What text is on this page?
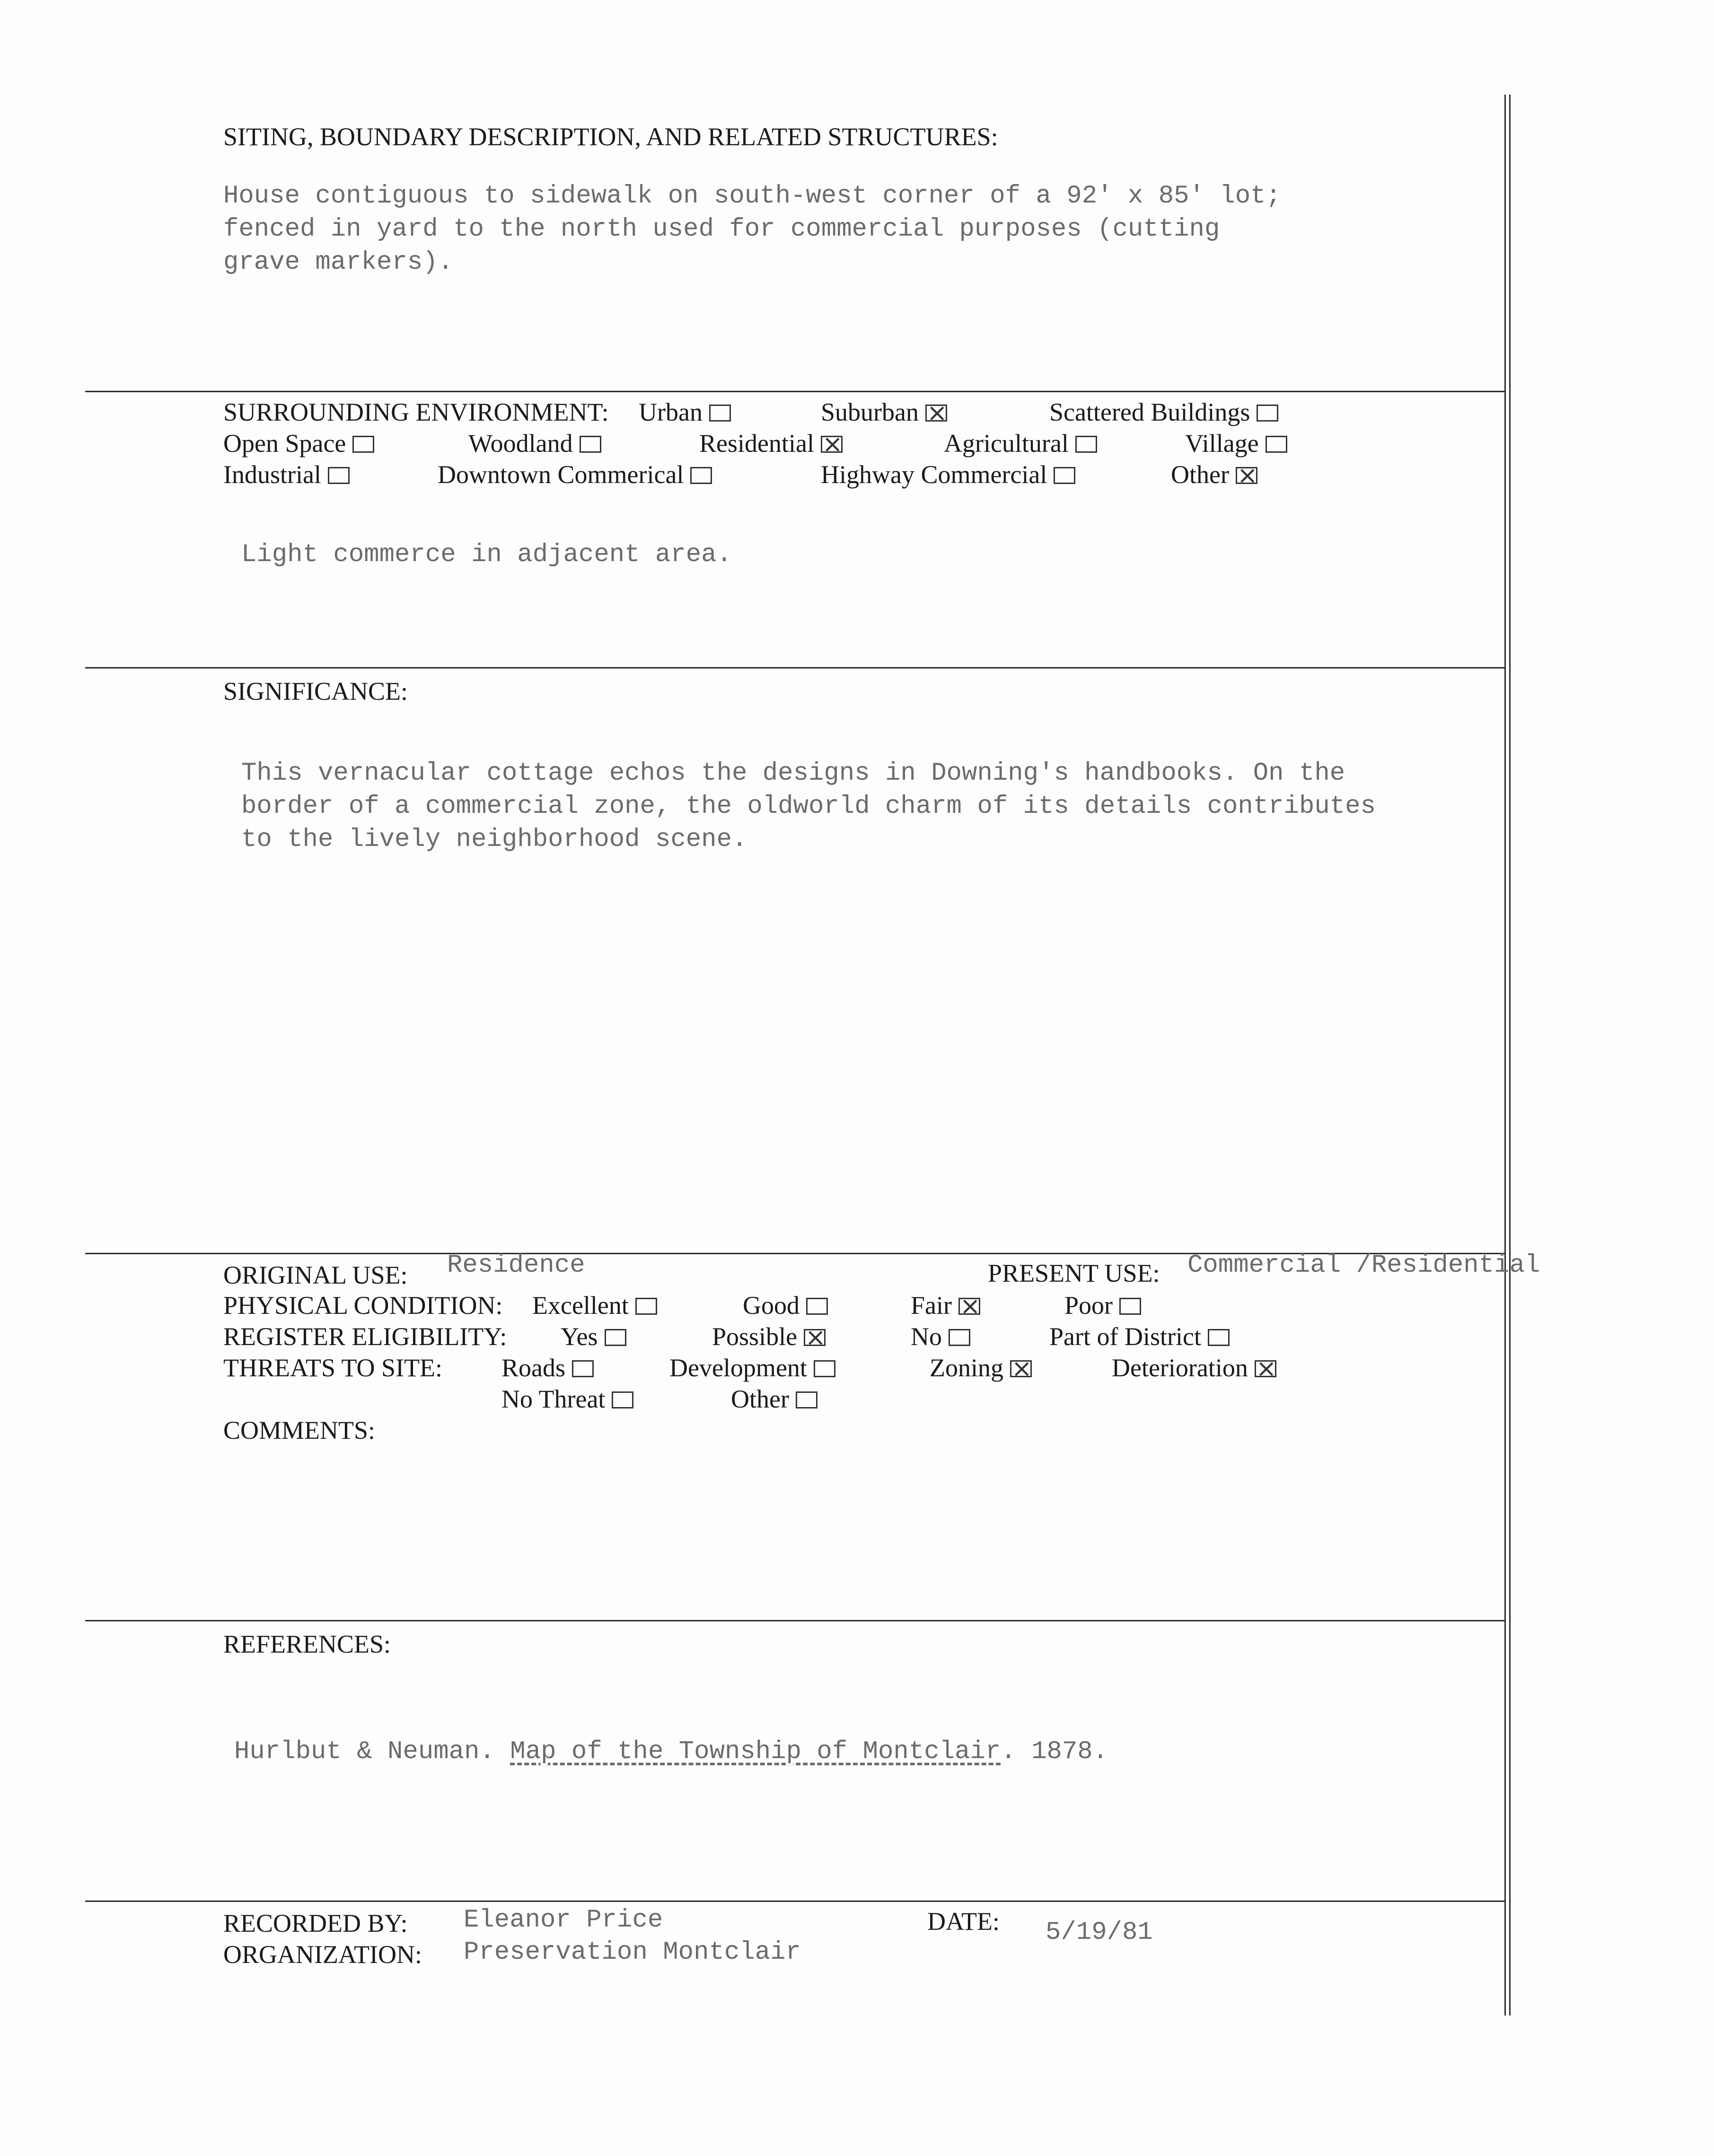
SITING, BOUNDARY DESCRIPTION, AND RELATED STRUCTURES:
House contiguous to sidewalk on south-west corner of a 92' x 85' lot;
fenced in yard to the north used for commercial purposes (cutting
grave markers).
SURROUNDING ENVIRONMENT: Urban	Suburban ×	Scattered Buildings
Open Space	Woodland	Residential ×	Agricultural	Village
Industrial	Downtown Commerical	Highway Commercial	Other×
Light commerce in adjacent area.
SIGNIFICANCE:
This vernacular cottage echos the designs in Downing's handbooks. On the
border of a commercial zone, the oldworld charm of its details contributes
to the lively neighborhood scene.
ORIGINAL USE: Residence	PRESENT USE: Commercial /Residential
PHYSICAL CONDITION: Excellent	Good	Fair ×	Poor
REGISTER ELIGIBILITY: Yes	Possible ×	No	Part of District
THREATS TO SITE: Roads	Development	Zoning ×	Deterioration×
No Threat	Other
COMMENTS:
REFERENCES:
Hurlbut & Neuman. Map of the Township of Montclair. 1878.
RECORDED BY: Eleanor Price
ORGANIZATION: Preservation Montclair
DATE: 5/19/81
